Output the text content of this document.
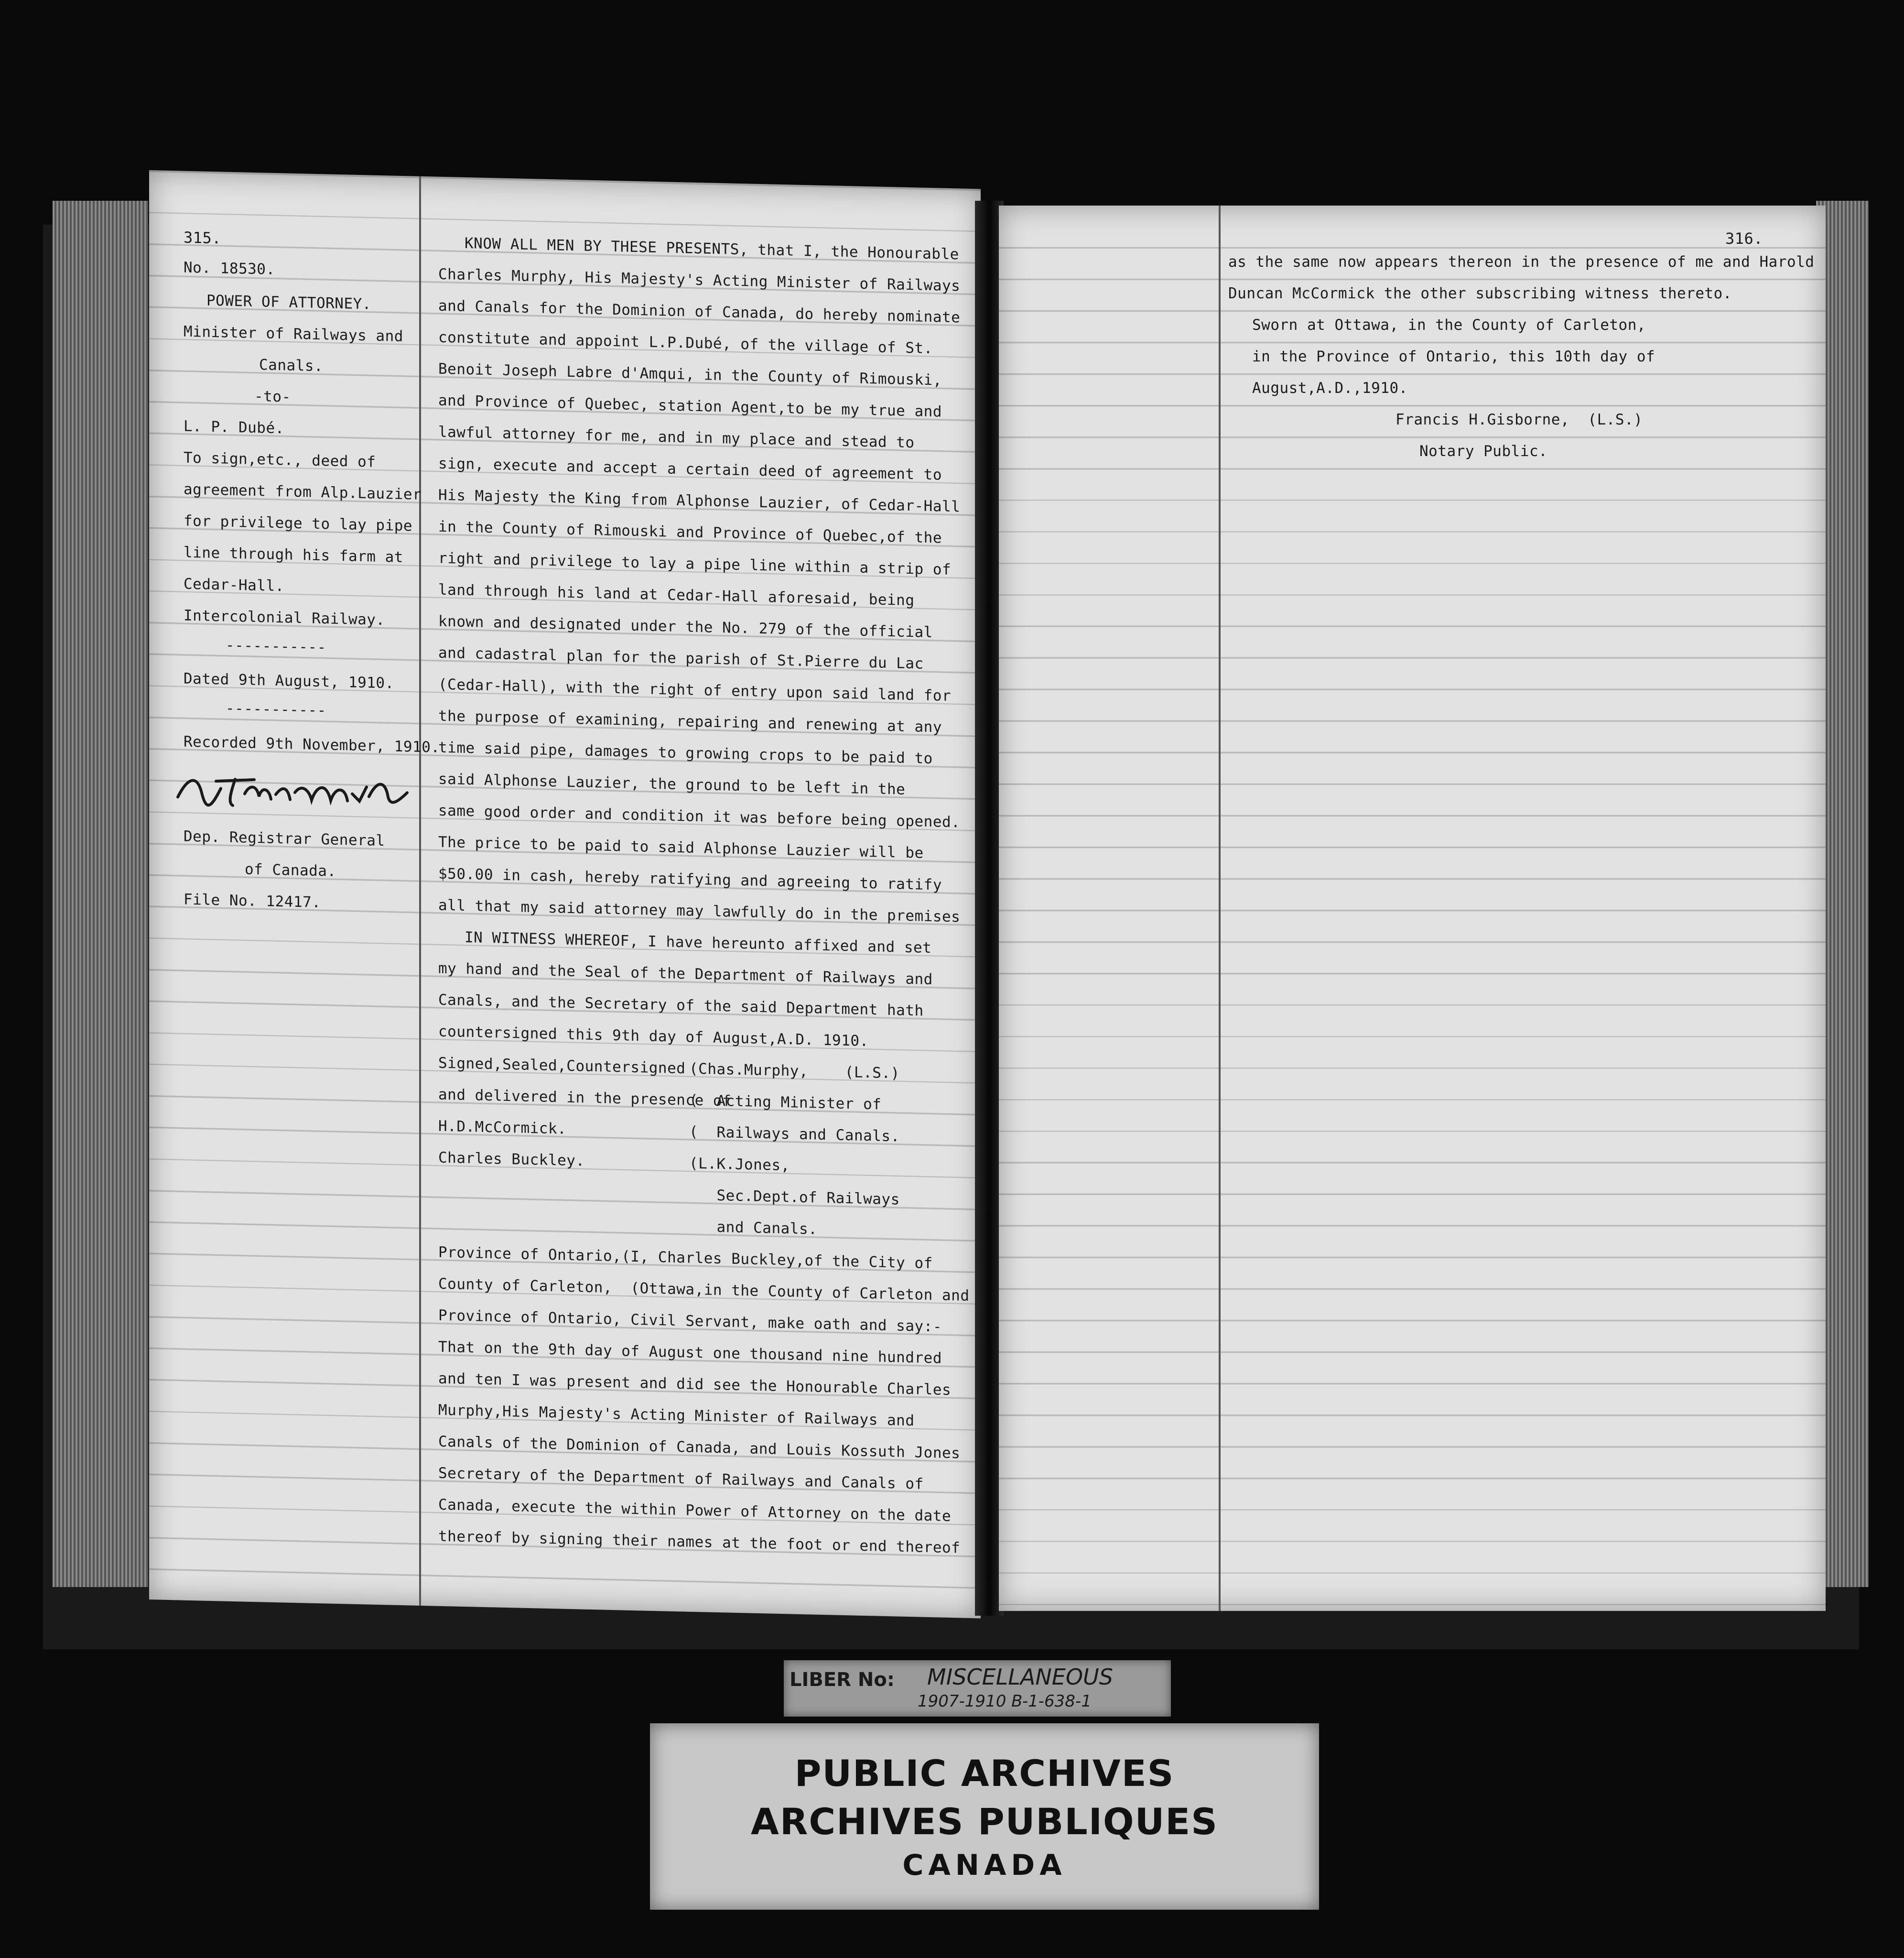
315.
No. 18530.
POWER OF ATTORNEY.
Minister of Railways and
Canals.
-to-
L. P. Dubé.
To sign,etc., deed of
agreement from Alp.Lauzier
for privilege to lay pipe
line through his farm at
Cedar-Hall.
Intercolonial Railway.
-----------
Dated 9th August, 1910.
-----------
Recorded 9th November, 1910.
Dep. Registrar General
of Canada.
File No. 12417.
KNOW ALL MEN BY THESE PRESENTS, that I, the Honourable
Charles Murphy, His Majesty's Acting Minister of Railways
and Canals for the Dominion of Canada, do hereby nominate
constitute and appoint L.P.Dubé, of the village of St.
Benoit Joseph Labre d'Amqui, in the County of Rimouski,
and Province of Quebec, station Agent,to be my true and
lawful attorney for me, and in my place and stead to
sign, execute and accept a certain deed of agreement to
His Majesty the King from Alphonse Lauzier, of Cedar-Hall
in the County of Rimouski and Province of Quebec,of the
right and privilege to lay a pipe line within a strip of
land through his land at Cedar-Hall aforesaid, being
known and designated under the No. 279 of the official
and cadastral plan for the parish of St.Pierre du Lac
(Cedar-Hall), with the right of entry upon said land for
the purpose of examining, repairing and renewing at any
time said pipe, damages to growing crops to be paid to
said Alphonse Lauzier, the ground to be left in the
same good order and condition it was before being opened.
The price to be paid to said Alphonse Lauzier will be
$50.00 in cash, hereby ratifying and agreeing to ratify
all that my said attorney may lawfully do in the premises
IN WITNESS WHEREOF, I have hereunto affixed and set
my hand and the Seal of the Department of Railways and
Canals, and the Secretary of the said Department hath
countersigned this 9th day of August,A.D. 1910.
Signed,Sealed,Countersigned
and delivered in the presence of
H.D.McCormick.
Charles Buckley.
(Chas.Murphy,    (L.S.)
(  Acting Minister of
(  Railways and Canals.
(L.K.Jones,
Sec.Dept.of Railways
and Canals.
Province of Ontario,(I, Charles Buckley,of the City of
County of Carleton,  (Ottawa,in the County of Carleton and
Province of Ontario, Civil Servant, make oath and say:-
That on the 9th day of August one thousand nine hundred
and ten I was present and did see the Honourable Charles
Murphy,His Majesty's Acting Minister of Railways and
Canals of the Dominion of Canada, and Louis Kossuth Jones
Secretary of the Department of Railways and Canals of
Canada, execute the within Power of Attorney on the date
thereof by signing their names at the foot or end thereof
316.
as the same now appears thereon in the presence of me and Harold
Duncan McCormick the other subscribing witness thereto.
Sworn at Ottawa, in the County of Carleton,
in the Province of Ontario, this 10th day of
August,A.D.,1910.
Francis H.Gisborne,  (L.S.)
Notary Public.
LIBER No: MISCELLANEOUS
1907-1910 B-1-638-1
PUBLIC ARCHIVES
ARCHIVES PUBLIQUES
CANADA
